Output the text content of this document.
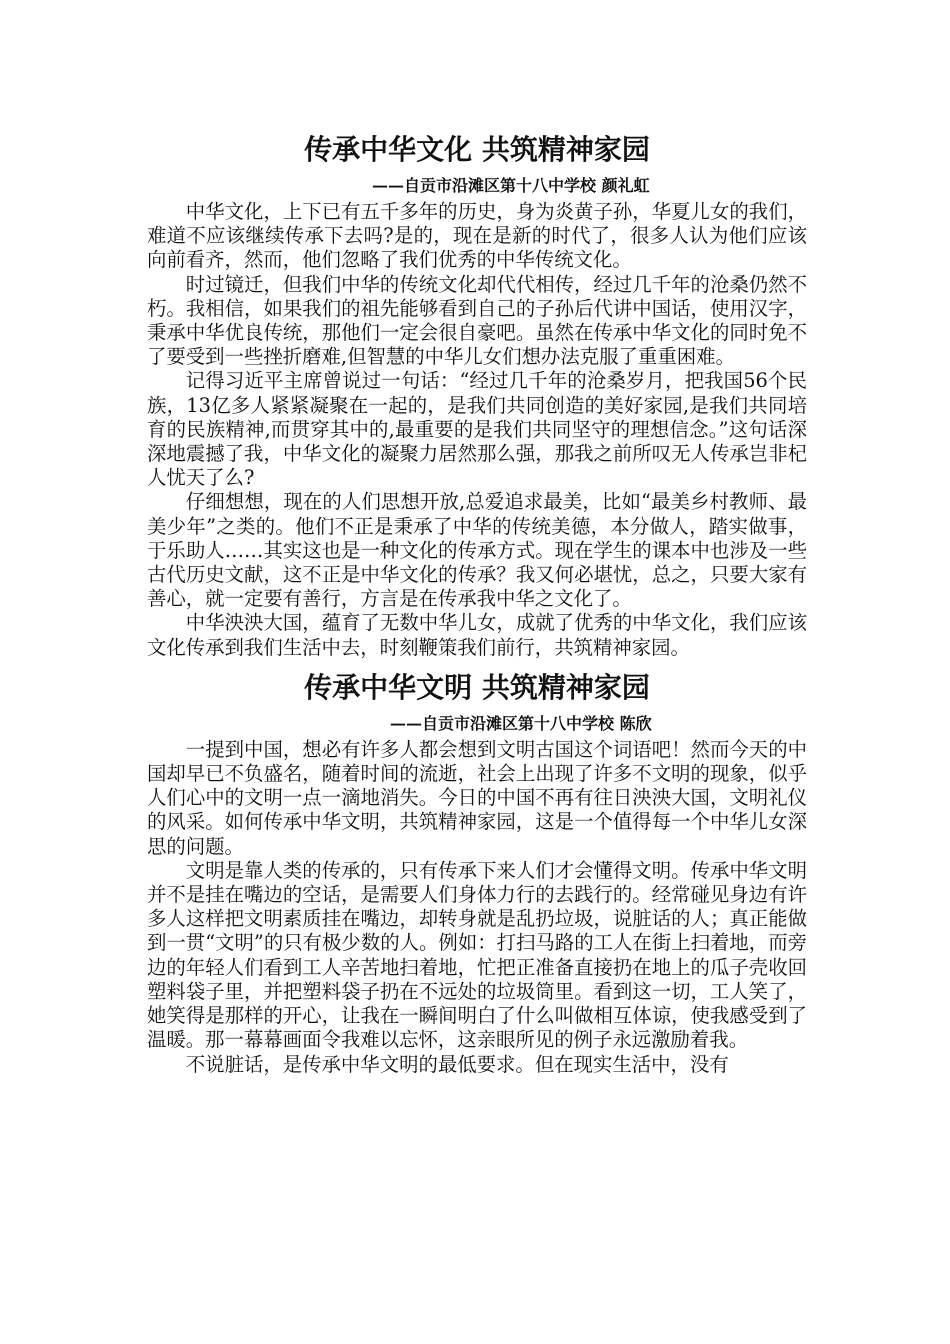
传承中华文化 共筑精神家园

——自贡市沿滩区第十八中学校 颜礼虹

中华文化，上下已有五千多年的历史，身为炎黄子孙，华夏儿女的我们，难道不应该继续传承下去吗?是的，现在是新的时代了，很多人认为他们应该向前看齐，然而，他们忽略了我们优秀的中华传统文化。

时过镜迁，但我们中华的传统文化却代代相传，经过几千年的沧桑仍然不朽。我相信，如果我们的祖先能够看到自己的子孙后代讲中国话，使用汉字，秉承中华优良传统，那他们一定会很自豪吧。虽然在传承中华文化的同时免不了要受到一些挫折磨难,但智慧的中华儿女们想办法克服了重重困难。

记得习近平主席曾说过一句话：“经过几千年的沧桑岁月，把我国56个民族，13亿多人紧紧凝聚在一起的，是我们共同创造的美好家园,是我们共同培育的民族精神,而贯穿其中的,最重要的是我们共同坚守的理想信念。”这句话深深地震撼了我，中华文化的凝聚力居然那么强，那我之前所叹无人传承岂非杞人忧天了么?

仔细想想，现在的人们思想开放,总爱追求最美，比如“最美乡村教师、最美少年”之类的。他们不正是秉承了中华的传统美德，本分做人，踏实做事，于乐助人……其实这也是一种文化的传承方式。现在学生的课本中也涉及一些古代历史文献，这不正是中华文化的传承？我又何必堪忧，总之，只要大家有善心，就一定要有善行，方言是在传承我中华之文化了。

中华泱泱大国，蕴育了无数中华儿女，成就了优秀的中华文化，我们应该文化传承到我们生活中去，时刻鞭策我们前行，共筑精神家园。

传承中华文明 共筑精神家园

——自贡市沿滩区第十八中学校 陈欣

一提到中国，想必有许多人都会想到文明古国这个词语吧！然而今天的中国却早已不负盛名，随着时间的流逝，社会上出现了许多不文明的现象，似乎人们心中的文明一点一滴地消失。今日的中国不再有往日泱泱大国，文明礼仪的风采。如何传承中华文明，共筑精神家园，这是一个值得每一个中华儿女深思的问题。

文明是靠人类的传承的，只有传承下来人们才会懂得文明。传承中华文明并不是挂在嘴边的空话，是需要人们身体力行的去践行的。经常碰见身边有许多人这样把文明素质挂在嘴边，却转身就是乱扔垃圾，说脏话的人；真正能做到一贯“文明”的只有极少数的人。例如：打扫马路的工人在街上扫着地，而旁边的年轻人们看到工人辛苦地扫着地，忙把正准备直接扔在地上的瓜子壳收回塑料袋子里，并把塑料袋子扔在不远处的垃圾筒里。看到这一切，工人笑了，她笑得是那样的开心，让我在一瞬间明白了什么叫做相互体谅，使我感受到了温暖。那一幕幕画面令我难以忘怀，这亲眼所见的例子永远激励着我。

不说脏话，是传承中华文明的最低要求。但在现实生活中，没有
